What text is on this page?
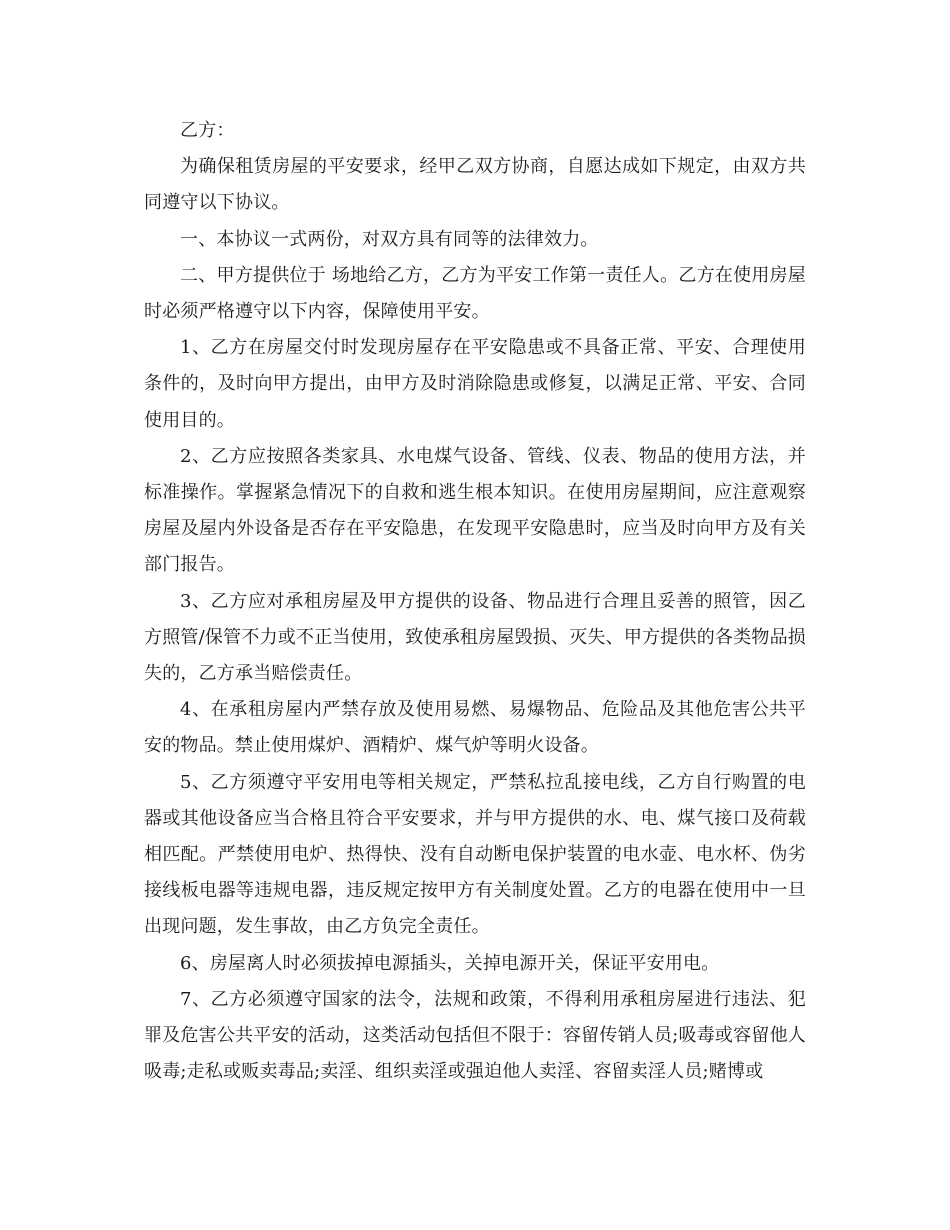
乙方：

为确保租赁房屋的平安要求，经甲乙双方协商，自愿达成如下规定，由双方共同遵守以下协议。

一、本协议一式两份，对双方具有同等的法律效力。

二、甲方提供位于 场地给乙方，乙方为平安工作第一责任人。乙方在使用房屋时必须严格遵守以下内容，保障使用平安。

1、乙方在房屋交付时发现房屋存在平安隐患或不具备正常、平安、合理使用条件的，及时向甲方提出，由甲方及时消除隐患或修复，以满足正常、平安、合同使用目的。

2、乙方应按照各类家具、水电煤气设备、管线、仪表、物品的使用方法，并标准操作。掌握紧急情况下的自救和逃生根本知识。在使用房屋期间，应注意观察房屋及屋内外设备是否存在平安隐患，在发现平安隐患时，应当及时向甲方及有关部门报告。

3、乙方应对承租房屋及甲方提供的设备、物品进行合理且妥善的照管，因乙方照管/保管不力或不正当使用，致使承租房屋毁损、灭失、甲方提供的各类物品损失的，乙方承当赔偿责任。

4、在承租房屋内严禁存放及使用易燃、易爆物品、危险品及其他危害公共平安的物品。禁止使用煤炉、酒精炉、煤气炉等明火设备。

5、乙方须遵守平安用电等相关规定，严禁私拉乱接电线，乙方自行购置的电器或其他设备应当合格且符合平安要求，并与甲方提供的水、电、煤气接口及荷载相匹配。严禁使用电炉、热得快、没有自动断电保护装置的电水壶、电水杯、伪劣接线板电器等违规电器，违反规定按甲方有关制度处置。乙方的电器在使用中一旦出现问题，发生事故，由乙方负完全责任。

6、房屋离人时必须拔掉电源插头，关掉电源开关，保证平安用电。

7、乙方必须遵守国家的法令，法规和政策，不得利用承租房屋进行违法、犯罪及危害公共平安的活动，这类活动包括但不限于：容留传销人员;吸毒或容留他人吸毒;走私或贩卖毒品;卖淫、组织卖淫或强迫他人卖淫、容留卖淫人员;赌博或
